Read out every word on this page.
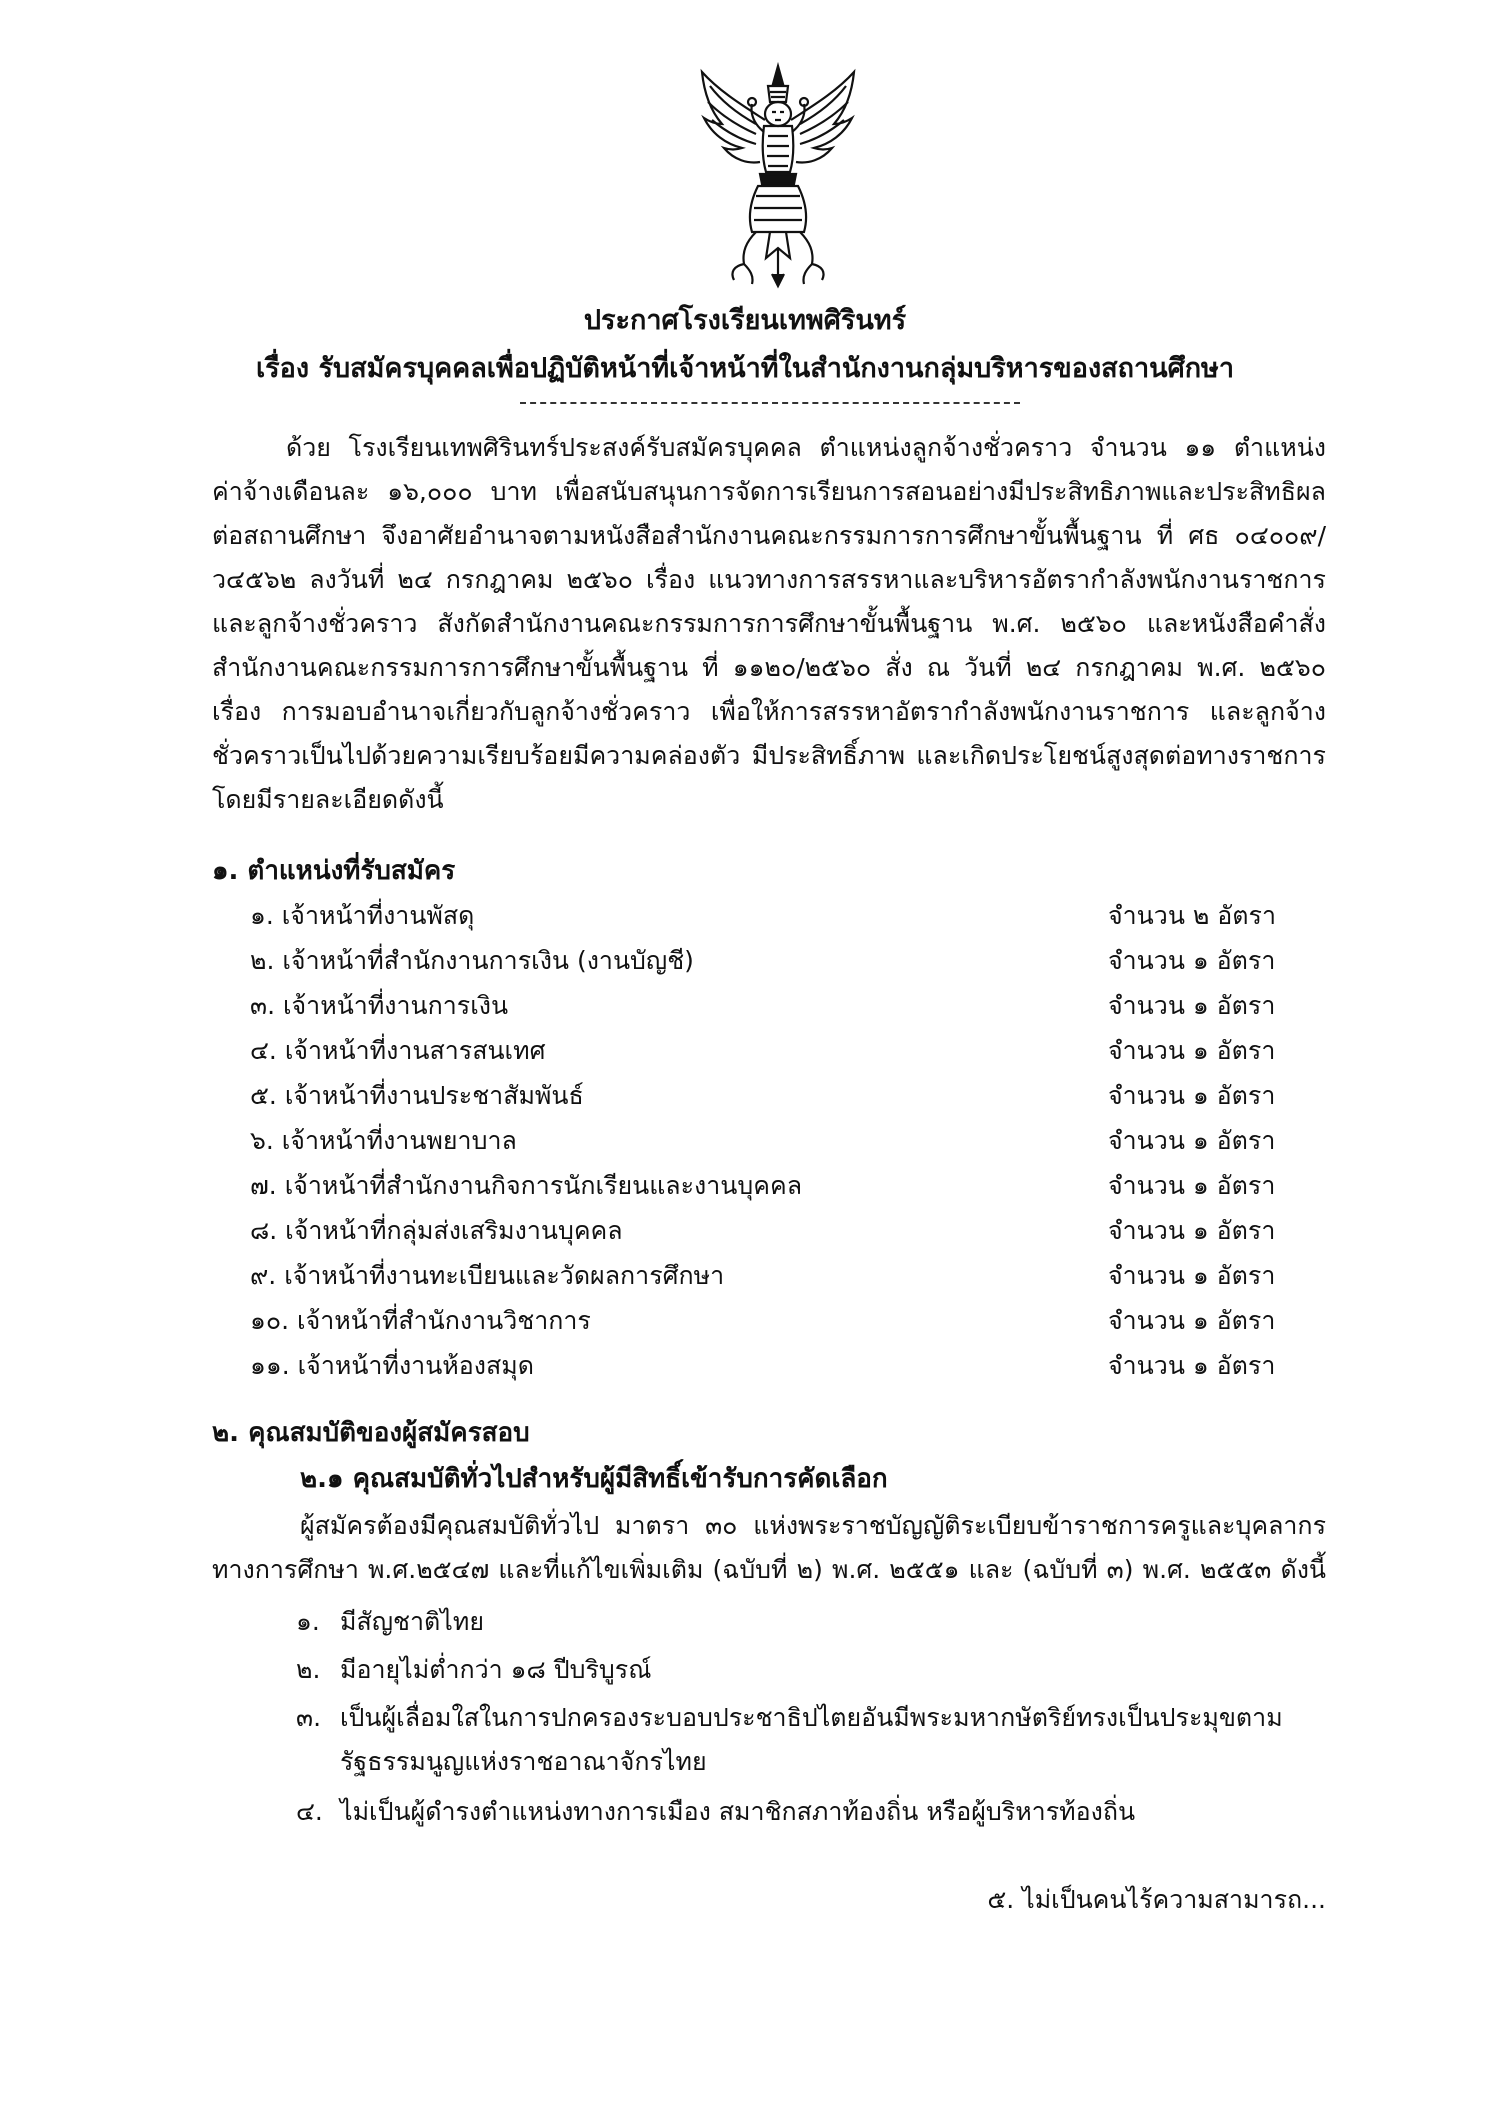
ประกาศโรงเรียนเทพศิรินทร์
เรื่อง รับสมัครบุคคลเพื่อปฏิบัติหน้าที่เจ้าหน้าที่ในสำนักงานกลุ่มบริหารของสถานศึกษา
ด้วย โรงเรียนเทพศิรินทร์ประสงค์รับสมัครบุคคล ตำแหน่งลูกจ้างชั่วคราว จำนวน ๑๑ ตำแหน่ง
ค่าจ้างเดือนละ ๑๖,๐๐๐ บาท เพื่อสนับสนุนการจัดการเรียนการสอนอย่างมีประสิทธิภาพและประสิทธิผล
ต่อสถานศึกษา จึงอาศัยอำนาจตามหนังสือสำนักงานคณะกรรมการการศึกษาขั้นพื้นฐาน ที่ ศธ ๐๔๐๐๙/
ว๔๕๖๒ ลงวันที่ ๒๔ กรกฎาคม ๒๕๖๐ เรื่อง แนวทางการสรรหาและบริหารอัตรากำลังพนักงานราชการ
และลูกจ้างชั่วคราว สังกัดสำนักงานคณะกรรมการการศึกษาขั้นพื้นฐาน พ.ศ. ๒๕๖๐ และหนังสือคำสั่ง
สำนักงานคณะกรรมการการศึกษาขั้นพื้นฐาน ที่ ๑๑๒๐/๒๕๖๐ สั่ง ณ วันที่ ๒๔ กรกฎาคม พ.ศ. ๒๕๖๐
เรื่อง การมอบอำนาจเกี่ยวกับลูกจ้างชั่วคราว เพื่อให้การสรรหาอัตรากำลังพนักงานราชการ และลูกจ้าง
ชั่วคราวเป็นไปด้วยความเรียบร้อยมีความคล่องตัว มีประสิทธิ์ภาพ และเกิดประโยชน์สูงสุดต่อทางราชการ
โดยมีรายละเอียดดังนี้
๑. ตำแหน่งที่รับสมัคร
๑. เจ้าหน้าที่งานพัสดุ	จำนวน ๒ อัตรา
๒. เจ้าหน้าที่สำนักงานการเงิน (งานบัญชี)	จำนวน ๑ อัตรา
๓. เจ้าหน้าที่งานการเงิน	จำนวน ๑ อัตรา
๔. เจ้าหน้าที่งานสารสนเทศ	จำนวน ๑ อัตรา
๕. เจ้าหน้าที่งานประชาสัมพันธ์	จำนวน ๑ อัตรา
๖. เจ้าหน้าที่งานพยาบาล	จำนวน ๑ อัตรา
๗. เจ้าหน้าที่สำนักงานกิจการนักเรียนและงานบุคคล	จำนวน ๑ อัตรา
๘. เจ้าหน้าที่กลุ่มส่งเสริมงานบุคคล	จำนวน ๑ อัตรา
๙. เจ้าหน้าที่งานทะเบียนและวัดผลการศึกษา	จำนวน ๑ อัตรา
๑๐. เจ้าหน้าที่สำนักงานวิชาการ	จำนวน ๑ อัตรา
๑๑. เจ้าหน้าที่งานห้องสมุด	จำนวน ๑ อัตรา
๒. คุณสมบัติของผู้สมัครสอบ
๒.๑ คุณสมบัติทั่วไปสำหรับผู้มีสิทธิ์เข้ารับการคัดเลือก
ผู้สมัครต้องมีคุณสมบัติทั่วไป มาตรา ๓๐ แห่งพระราชบัญญัติระเบียบข้าราชการครูและบุคลากร
ทางการศึกษา พ.ศ.๒๕๔๗ และที่แก้ไขเพิ่มเติม (ฉบับที่ ๒) พ.ศ. ๒๕๕๑ และ (ฉบับที่ ๓) พ.ศ. ๒๕๕๓ ดังนี้
๑. มีสัญชาติไทย
๒. มีอายุไม่ต่ำกว่า ๑๘ ปีบริบูรณ์
๓. เป็นผู้เลื่อมใสในการปกครองระบอบประชาธิปไตยอันมีพระมหากษัตริย์ทรงเป็นประมุขตาม
รัฐธรรมนูญแห่งราชอาณาจักรไทย
๔. ไม่เป็นผู้ดำรงตำแหน่งทางการเมือง สมาชิกสภาท้องถิ่น หรือผู้บริหารท้องถิ่น
๕. ไม่เป็นคนไร้ความสามารถ...
